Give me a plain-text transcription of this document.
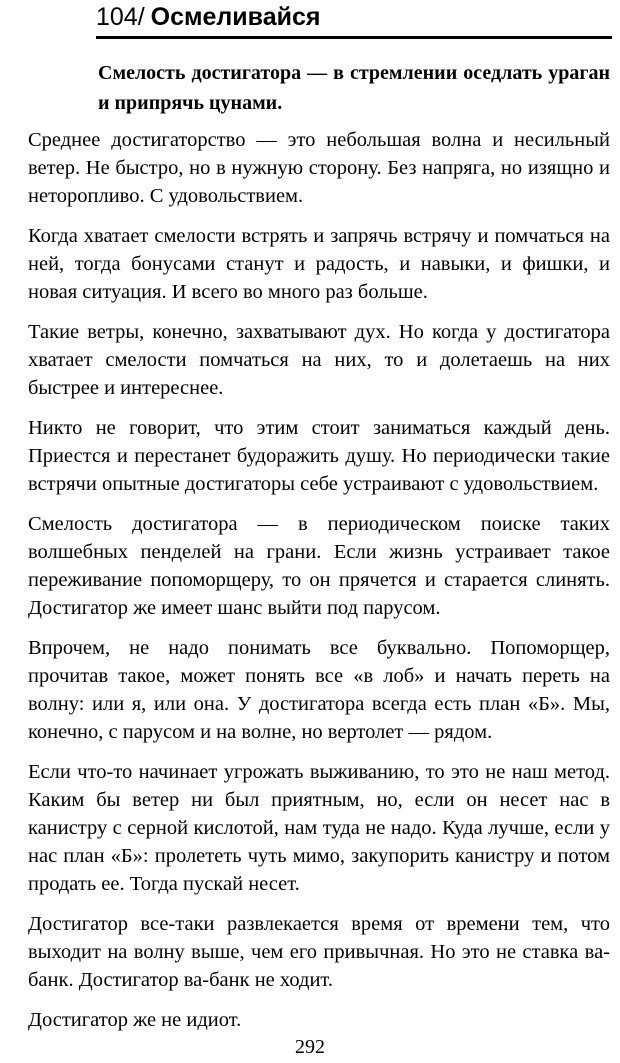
104/ Осмеливайся
Смелость достигатора — в стремлении оседлать ураган и припрячь цунами.

Среднее достигаторство — это небольшая волна и несильный ветер. Не быстро, но в нужную сторону. Без напряга, но изящно и неторопливо. С удовольствием.

Когда хватает смелости встрять и запрячь встрячу и помчаться на ней, тогда бонусами станут и радость, и навыки, и фишки, и новая ситуация. И всего во много раз больше.

Такие ветры, конечно, захватывают дух. Но когда у достигатора хватает смелости помчаться на них, то и долетаешь на них быстрее и интереснее.

Никто не говорит, что этим стоит заниматься каждый день. Приестся и перестанет будоражить душу. Но периодически такие встрячи опытные достигаторы себе устраивают с удовольствием.

Смелость достигатора — в периодическом поиске таких волшебных пенделей на грани. Если жизнь устраивает такое переживание попоморщеру, то он прячется и старается слинять. Достигатор же имеет шанс выйти под парусом.

Впрочем, не надо понимать все буквально. Попоморщер, прочитав такое, может понять все «в лоб» и начать переть на волну: или я, или она. У достигатора всегда есть план «Б». Мы, конечно, с парусом и на волне, но вертолет — рядом.

Если что-то начинает угрожать выживанию, то это не наш метод. Каким бы ветер ни был приятным, но, если он несет нас в канистру с серной кислотой, нам туда не надо. Куда лучше, если у нас план «Б»: пролететь чуть мимо, закупорить канистру и потом продать ее. Тогда пускай несет.

Достигатор все-таки развлекается время от времени тем, что выходит на волну выше, чем его привычная. Но это не ставка ва-банк. Достигатор ва-банк не ходит.

Достигатор же не идиот.

292
